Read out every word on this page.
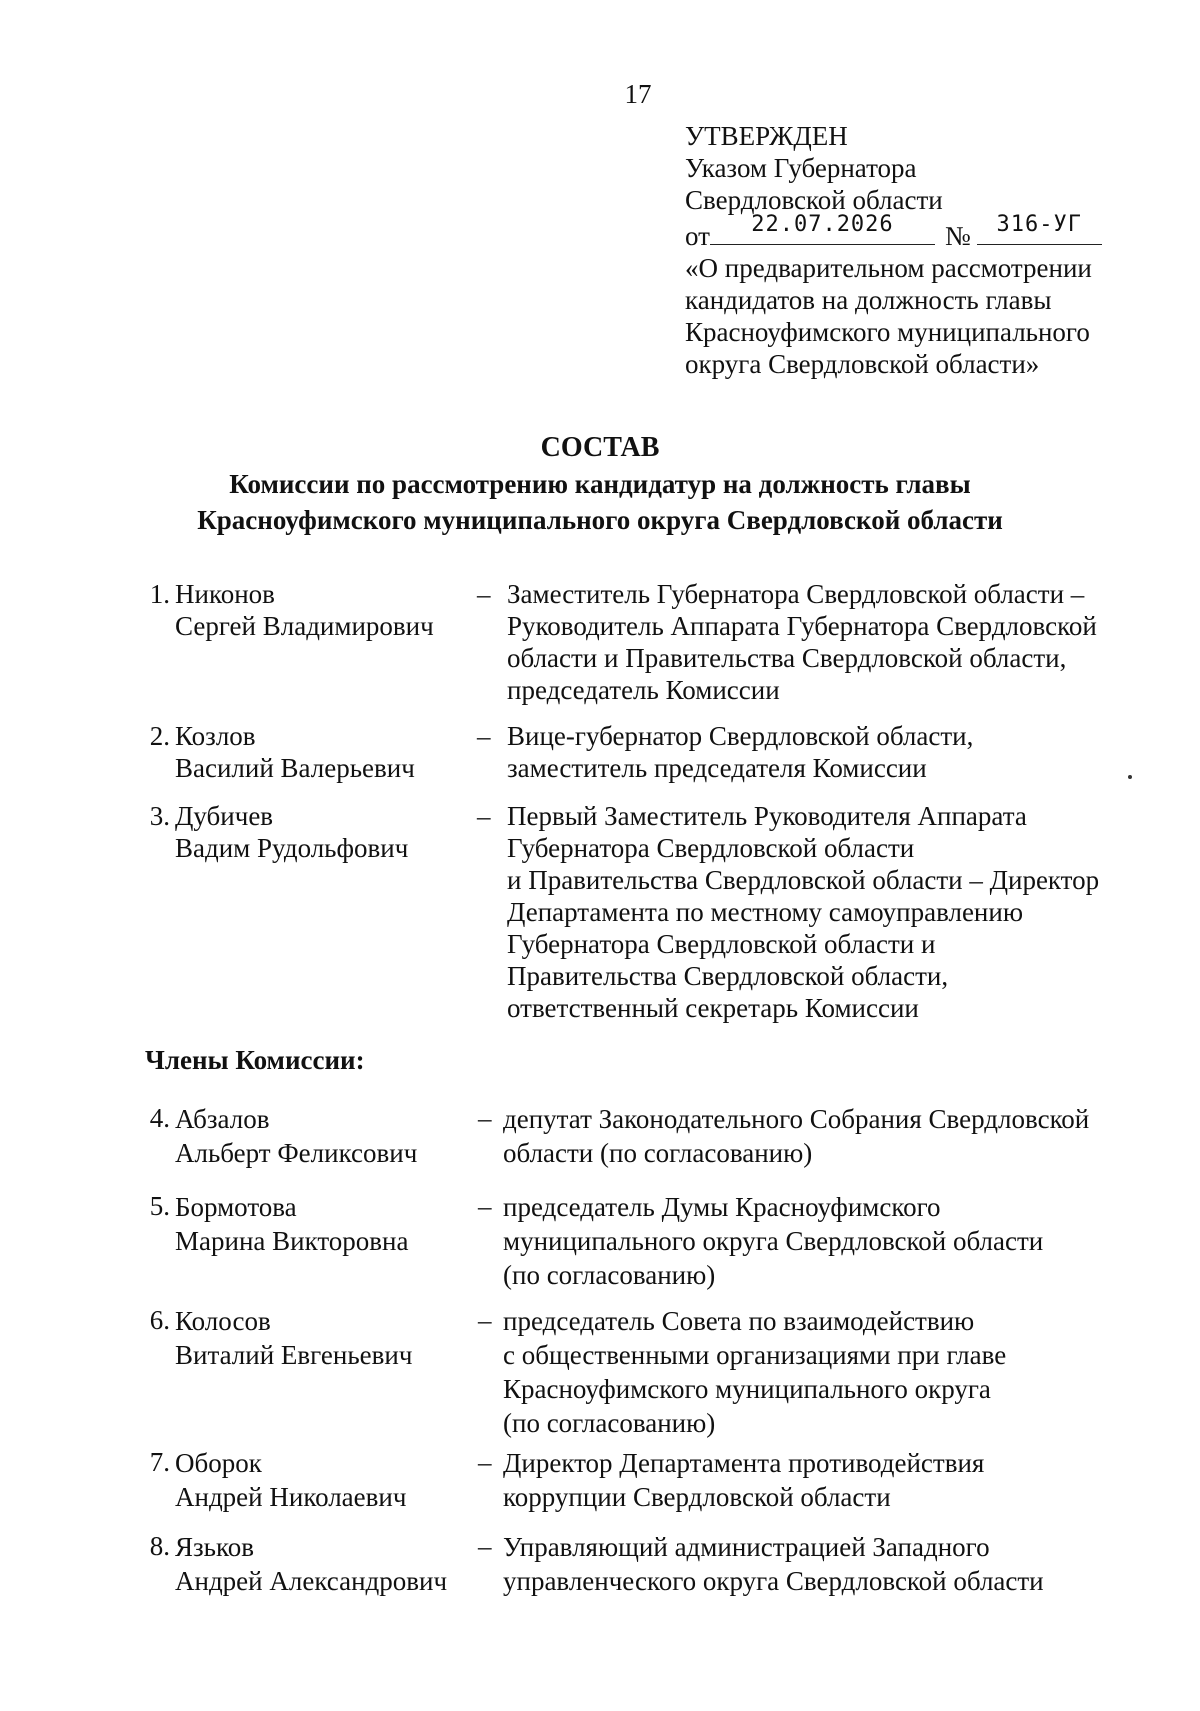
17
УТВЕРЖДЕН
Указом Губернатора
Свердловской области
от	22.07.2026	№	316-УГ
«О предварительном рассмотрении
кандидатов на должность главы
Красноуфимского муниципального
округа Свердловской области»
СОСТАВ
Комиссии по рассмотрению кандидатур на должность главы
Красноуфимского муниципального округа Свердловской области
Члены Комиссии:
1. Никонов
Сергей Владимирович
– Заместитель Губернатора Свердловской области –
Руководитель Аппарата Губернатора Свердловской
области и Правительства Свердловской области,
председатель Комиссии
2. Козлов
Василий Валерьевич
– Вице-губернатор Свердловской области,
заместитель председателя Комиссии
3. Дубичев
Вадим Рудольфович
– Первый Заместитель Руководителя Аппарата
Губернатора Свердловской области
и Правительства Свердловской области – Директор
Департамента по местному самоуправлению
Губернатора Свердловской области и
Правительства Свердловской области,
ответственный секретарь Комиссии
4. Абзалов
Альберт Феликсович
– депутат Законодательного Собрания Свердловской
области (по согласованию)
5. Бормотова
Марина Викторовна
– председатель Думы Красноуфимского
муниципального округа Свердловской области
(по согласованию)
6. Колосов
Виталий Евгеньевич
– председатель Совета по взаимодействию
с общественными организациями при главе
Красноуфимского муниципального округа
(по согласованию)
7. Оборок
Андрей Николаевич
– Директор Департамента противодействия
коррупции Свердловской области
8. Язьков
Андрей Александрович
– Управляющий администрацией Западного
управленческого округа Свердловской области
